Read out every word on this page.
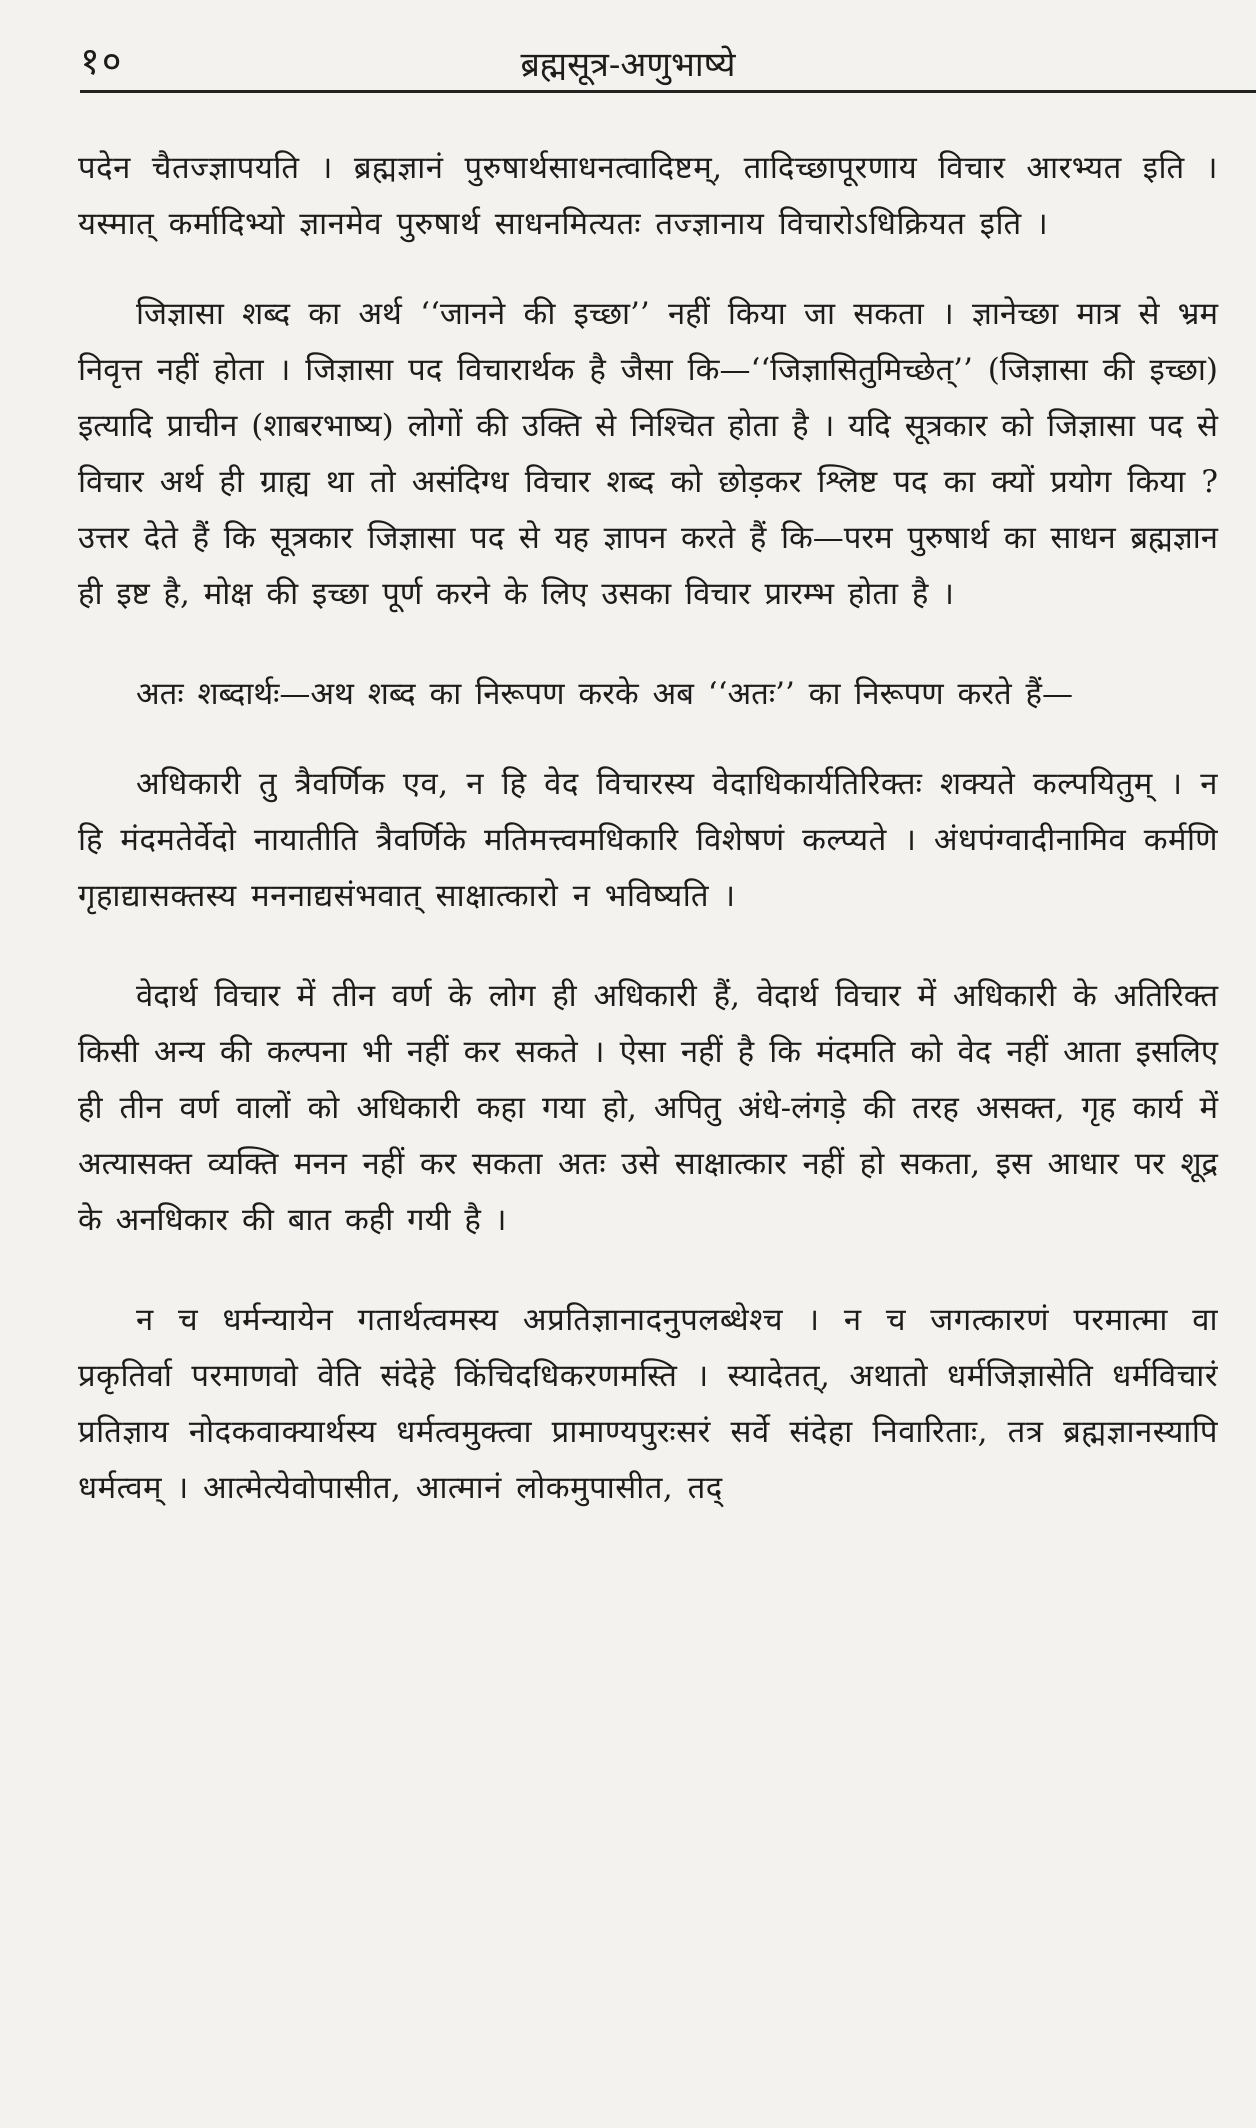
१०	ब्रह्मसूत्र-अणुभाष्ये

पदेन चैतज्ज्ञापयति । ब्रह्मज्ञानं पुरुषार्थसाधनत्वादिष्टम्, तादिच्छापूरणाय विचार आरभ्यत इति । यस्मात् कर्मादिभ्यो ज्ञानमेव पुरुषार्थ साधनमित्यतः तज्ज्ञानाय विचारोऽधिक्रियत इति ।

जिज्ञासा शब्द का अर्थ ‘‘जानने की इच्छा’’ नहीं किया जा सकता । ज्ञानेच्छा मात्र से भ्रम निवृत्त नहीं होता । जिज्ञासा पद विचारार्थक है जैसा कि—‘‘जिज्ञासितुमिच्छेत्’’ (जिज्ञासा की इच्छा) इत्यादि प्राचीन (शाबरभाष्य) लोगों की उक्ति से निश्चित होता है । यदि सूत्रकार को जिज्ञासा पद से विचार अर्थ ही ग्राह्य था तो असंदिग्ध विचार शब्द को छोड़कर श्लिष्ट पद का क्यों प्रयोग किया ? उत्तर देते हैं कि सूत्रकार जिज्ञासा पद से यह ज्ञापन करते हैं कि—परम पुरुषार्थ का साधन ब्रह्मज्ञान ही इष्ट है, मोक्ष की इच्छा पूर्ण करने के लिए उसका विचार प्रारम्भ होता है ।

अतः शब्दार्थः—अथ शब्द का निरूपण करके अब ‘‘अतः’’ का निरूपण करते हैं—

अधिकारी तु त्रैवर्णिक एव, न हि वेद विचारस्य वेदाधिकार्यतिरिक्तः शक्यते कल्पयितुम् । न हि मंदमतेर्वेदो नायातीति त्रैवर्णिके मतिमत्त्वमधिकारि विशेषणं कल्प्यते । अंधपंग्वादीनामिव कर्मणि गृहाद्यासक्तस्य मननाद्यसंभवात् साक्षात्कारो न भविष्यति ।

वेदार्थ विचार में तीन वर्ण के लोग ही अधिकारी हैं, वेदार्थ विचार में अधिकारी के अतिरिक्त किसी अन्य की कल्पना भी नहीं कर सकते । ऐसा नहीं है कि मंदमति को वेद नहीं आता इसलिए ही तीन वर्ण वालों को अधिकारी कहा गया हो, अपितु अंधे-लंगड़े की तरह असक्त, गृह कार्य में अत्यासक्त व्यक्ति मनन नहीं कर सकता अतः उसे साक्षात्कार नहीं हो सकता, इस आधार पर शूद्र के अनधिकार की बात कही गयी है ।

न च धर्मन्यायेन गतार्थत्वमस्य अप्रतिज्ञानादनुपलब्धेश्च । न च जगत्कारणं परमात्मा वा प्रकृतिर्वा परमाणवो वेति संदेहे किंचिदधिकरणमस्ति । स्यादेतत्, अथातो धर्मजिज्ञासेति धर्मविचारं प्रतिज्ञाय नोदकवाक्यार्थस्य धर्मत्वमुक्त्वा प्रामाण्यपुरःसरं सर्वे संदेहा निवारिताः, तत्र ब्रह्मज्ञानस्यापि धर्मत्वम् । आत्मेत्येवोपासीत, आत्मानं लोकमुपासीत, तद्
